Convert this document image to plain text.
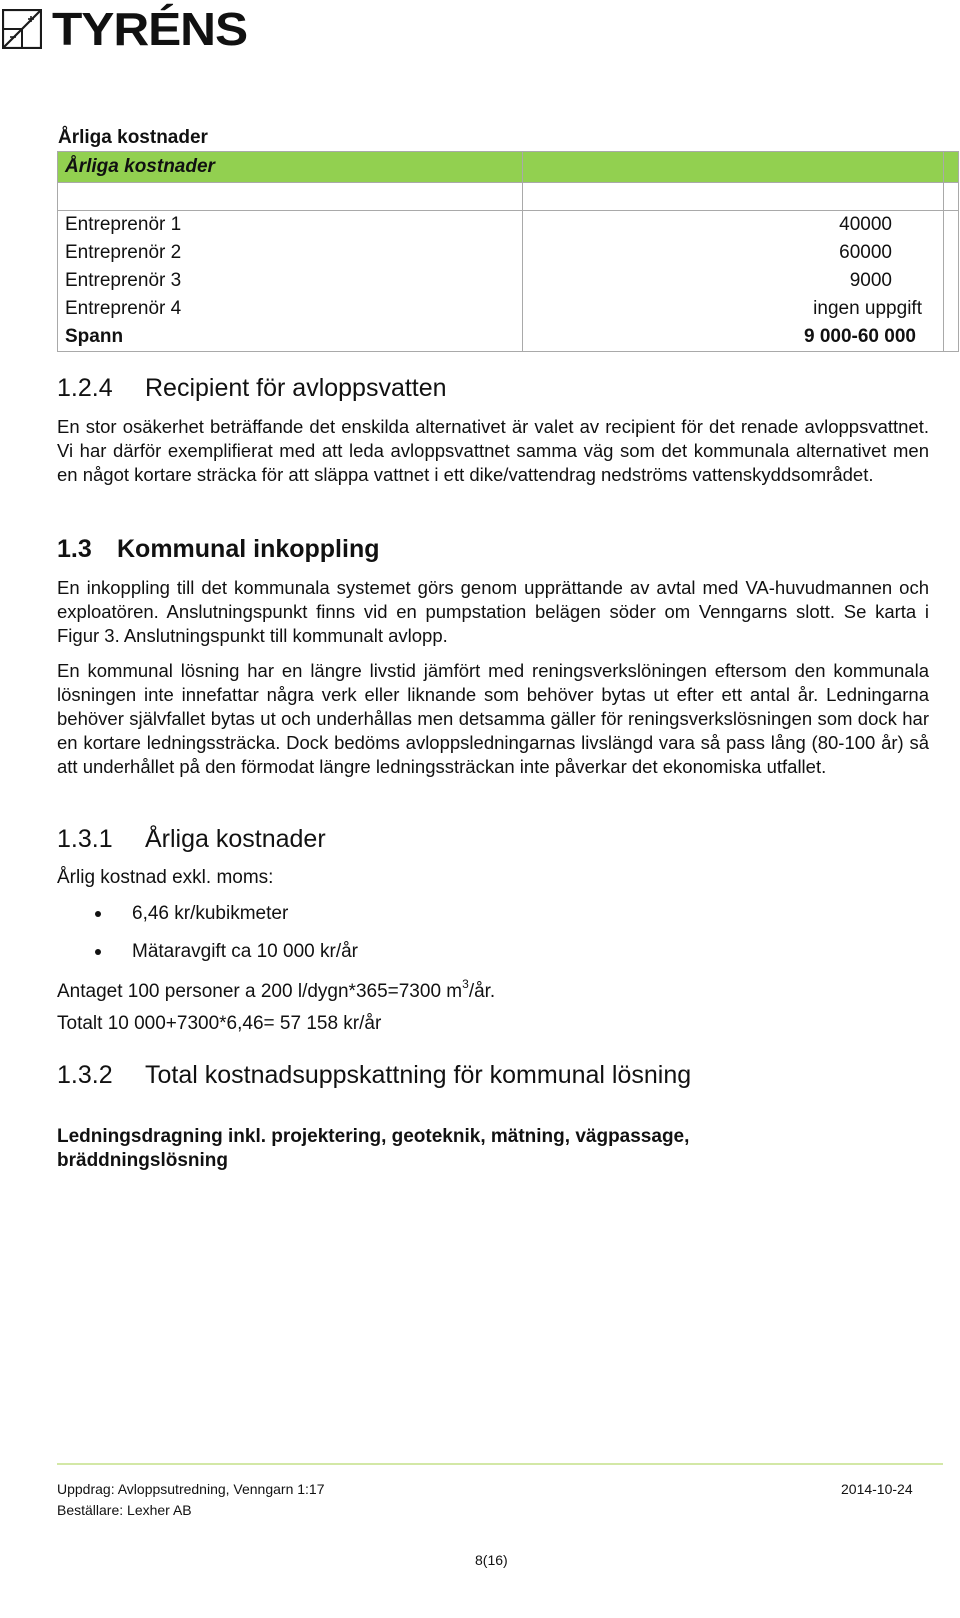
TYRÉNS
Årliga kostnader
Årliga kostnader		

Entreprenör 1	40000	
Entreprenör 2	60000	
Entreprenör 3	9000	
Entreprenör 4	ingen uppgift	
Spann	9 000-60 000	
1.2.4 Recipient för avloppsvatten
En stor osäkerhet beträffande det enskilda alternativet är valet av recipient för det renade avloppsvattnet. Vi har därför exemplifierat med att leda avloppsvattnet samma väg som det kommunala alternativet men en något kortare sträcka för att släppa vattnet i ett dike/vattendrag nedströms vattenskyddsområdet.
1.3 Kommunal inkoppling
En inkoppling till det kommunala systemet görs genom upprättande av avtal med VA-huvudmannen och exploatören. Anslutningspunkt finns vid en pumpstation belägen söder om Venngarns slott. Se karta i Figur 3. Anslutningspunkt till kommunalt avlopp.
En kommunal lösning har en längre livstid jämfört med reningsverkslöningen eftersom den kommunala lösningen inte innefattar några verk eller liknande som behöver bytas ut efter ett antal år. Ledningarna behöver självfallet bytas ut och underhållas men detsamma gäller för reningsverkslösningen som dock har en kortare ledningssträcka. Dock bedöms avloppsledningarnas livslängd vara så pass lång (80-100 år) så att underhållet på den förmodat längre ledningssträckan inte påverkar det ekonomiska utfallet.
1.3.1 Årliga kostnader
Årlig kostnad exkl. moms:
6,46 kr/kubikmeter
Mätaravgift ca 10 000 kr/år
Antaget 100 personer a 200 l/dygn*365=7300 $m^3/år$.
Totalt 10 000+7300*6,46= 57 158 kr/år
1.3.2 Total kostnadsuppskattning för kommunal lösning
Ledningsdragning inkl. projektering, geoteknik, mätning, vägpassage, bräddningslösning
Uppdrag: Avloppsutredning, Venngarn 1:17	2014-10-24
Beställare: Lexher AB
8(16)
